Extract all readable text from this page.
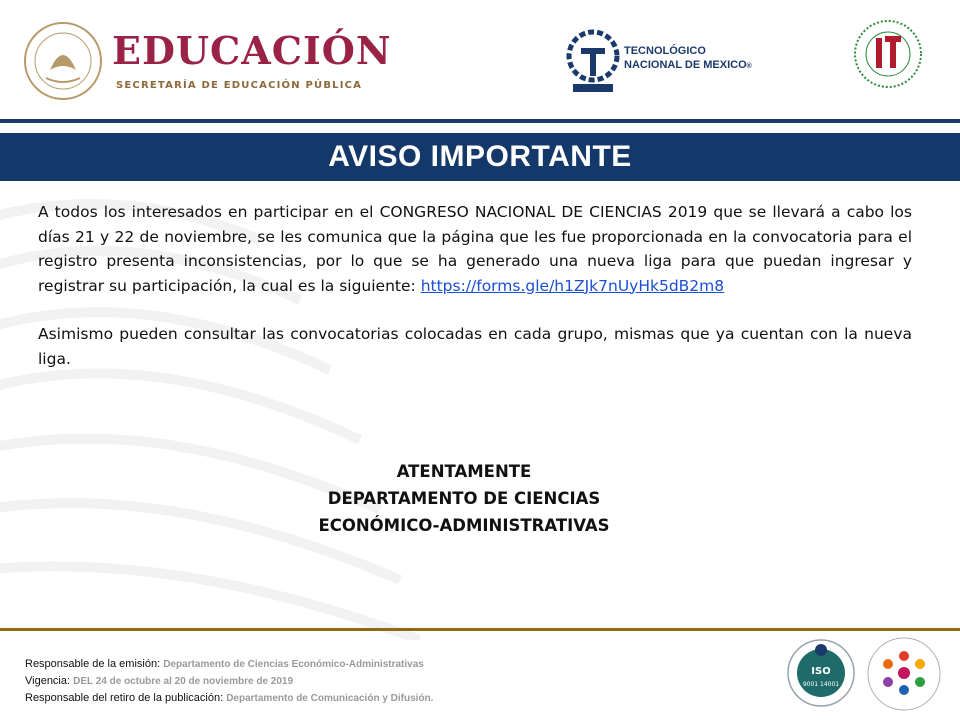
EDUCACIÓN
SECRETARÍA DE EDUCACIÓN PÚBLICA
TECNOLÓGICO
NACIONAL DE MEXICO®
AVISO IMPORTANTE

A todos los interesados en participar en el CONGRESO NACIONAL DE CIENCIAS 2019 que se llevará a cabo los días 21 y 22 de noviembre, se les comunica que la página que les fue proporcionada en la convocatoria para el registro presenta inconsistencias, por lo que se ha generado una nueva liga para que puedan ingresar y registrar su participación, la cual es la siguiente: https://forms.gle/h1ZJk7nUyHk5dB2m8

Asimismo pueden consultar las convocatorias colocadas en cada grupo, mismas que ya cuentan con la nueva liga.

ATENTAMENTE
DEPARTAMENTO DE CIENCIAS
ECONÓMICO-ADMINISTRATIVAS
Responsable de la emisión: Departamento de Ciencias Económico-Administrativas
Vigencia: DEL 24 de octubre al 20 de noviembre de 2019
Responsable del retiro de la publicación: Departamento de Comunicación y Difusión.
ISO
9001 14001
